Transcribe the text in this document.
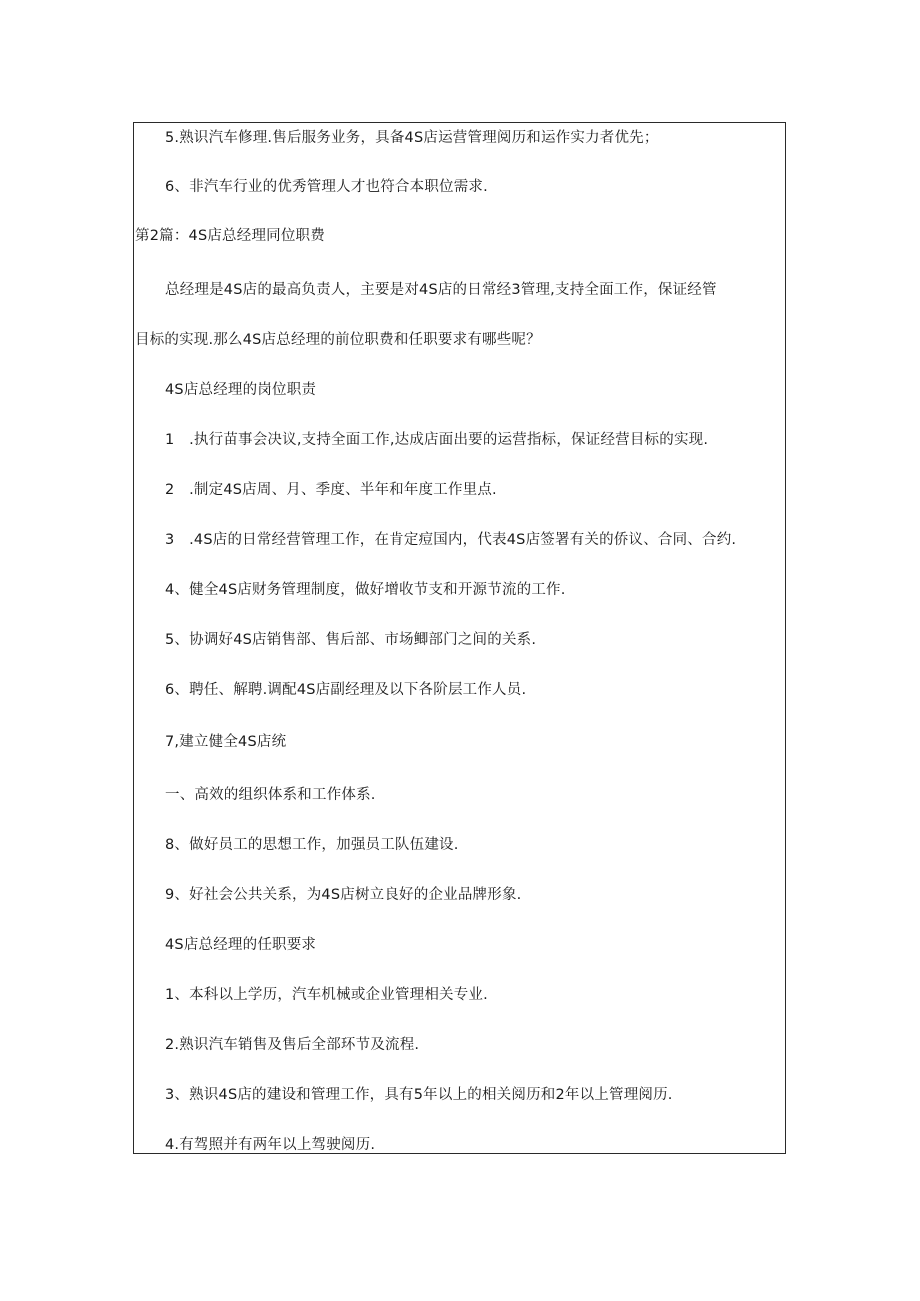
5.熟识汽车修理.售后服务业务，具备4S店运营管理阅历和运作实力者优先；
6、非汽车行业的优秀管理人才也符合本职位需求.
第2篇：4S店总经理同位职费
总经理是4S店的最高负责人，主要是对4S店的日常经3管理,支持全面工作，保证经管
目标的实现.那么4S店总经理的前位职费和任职要求有哪些呢？
4S店总经理的岗位职责
1　.执行苗事会决议,支持全面工作,达成店面出要的运营指标，保证经营目标的实现.
2　.制定4S店周、月、季度、半年和年度工作里点.
3　.4S店的日常经营管理工作，在肯定痘国内，代表4S店签署有关的侨议、合同、合约.
4、健全4S店财务管理制度，做好增收节支和开源节流的工作.
5、协调好4S店销售部、售后部、市场鲫部门之间的关系.
6、聘任、解聘.调配4S店副经理及以下各阶层工作人员.
7,建立健全4S店统
一、高效的组织体系和工作体系.
8、做好员工的思想工作，加强员工队伍建设.
9、好社会公共关系，为4S店树立良好的企业品牌形象.
4S店总经理的任职要求
1、本科以上学历，汽车机械或企业管理相关专业.
2.熟识汽车销售及售后全部环节及流程.
3、熟识4S店的建设和管理工作，具有5年以上的相关阅历和2年以上管理阅历.
4.有驾照并有两年以上驾驶阅历.
